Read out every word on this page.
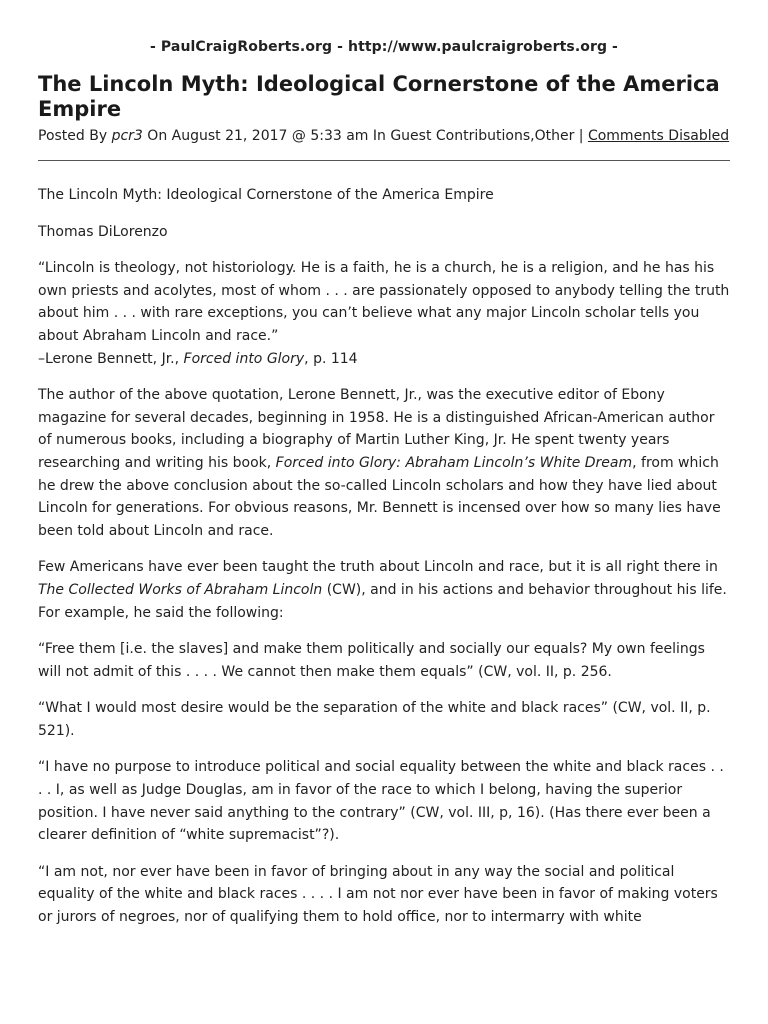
- PaulCraigRoberts.org - http://www.paulcraigroberts.org -
The Lincoln Myth: Ideological Cornerstone of the America Empire
Posted By pcr3 On August 21, 2017 @ 5:33 am In Guest Contributions,Other | Comments Disabled

The Lincoln Myth: Ideological Cornerstone of the America Empire

Thomas DiLorenzo

“Lincoln is theology, not historiology. He is a faith, he is a church, he is a religion, and he has his own priests and acolytes, most of whom . . . are passionately opposed to anybody telling the truth about him . . . with rare exceptions, you can’t believe what any major Lincoln scholar tells you about Abraham Lincoln and race.”
–Lerone Bennett, Jr., Forced into Glory, p. 114

The author of the above quotation, Lerone Bennett, Jr., was the executive editor of Ebony magazine for several decades, beginning in 1958. He is a distinguished African-American author of numerous books, including a biography of Martin Luther King, Jr. He spent twenty years researching and writing his book, Forced into Glory: Abraham Lincoln’s White Dream, from which he drew the above conclusion about the so-called Lincoln scholars and how they have lied about Lincoln for generations. For obvious reasons, Mr. Bennett is incensed over how so many lies have been told about Lincoln and race.

Few Americans have ever been taught the truth about Lincoln and race, but it is all right there in The Collected Works of Abraham Lincoln (CW), and in his actions and behavior throughout his life. For example, he said the following:

“Free them [i.e. the slaves] and make them politically and socially our equals? My own feelings will not admit of this . . . . We cannot then make them equals” (CW, vol. II, p. 256.

“What I would most desire would be the separation of the white and black races” (CW, vol. II, p. 521).

“I have no purpose to introduce political and social equality between the white and black races . . . . I, as well as Judge Douglas, am in favor of the race to which I belong, having the superior position. I have never said anything to the contrary” (CW, vol. III, p, 16). (Has there ever been a clearer definition of “white supremacist”?).

“I am not, nor ever have been in favor of bringing about in any way the social and political equality of the white and black races . . . . I am not nor ever have been in favor of making voters or jurors of negroes, nor of qualifying them to hold office, nor to intermarry with white
